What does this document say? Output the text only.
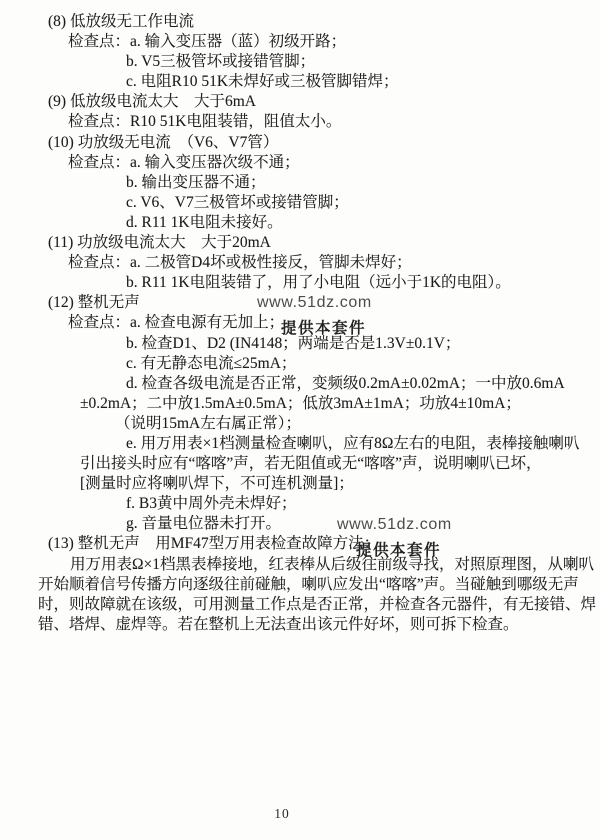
(8) 低放级无工作电流
检查点：a. 输入变压器（蓝）初级开路；
b. V5三极管坏或接错管脚；
c. 电阻R10 51K未焊好或三极管脚错焊；
(9) 低放级电流太大　大于6mA
检查点：R10 51K电阻装错，阻值太小。
(10) 功放级无电流　（V6、V7管）
检查点：a. 输入变压器次级不通；
b. 输出变压器不通；
c. V6、V7三极管坏或接错管脚；
d. R11 1K电阻未接好。
(11) 功放级电流太大　大于20mA
检查点：a. 二极管D4坏或极性接反，管脚未焊好；
b. R11 1K电阻装错了，用了小电阻（远小于1K的电阻）。
(12) 整机无声
检查点：a. 检查电源有无加上；
b. 检查D1、D2 (IN4148；两端是否是1.3V±0.1V；
c. 有无静态电流≤25mA；
d. 检查各级电流是否正常，变频级0.2mA±0.02mA；一中放0.6mA
±0.2mA；二中放1.5mA±0.5mA；低放3mA±1mA；功放4±10mA；
（说明15mA左右属正常）；
e. 用万用表×1档测量检查喇叭，应有8Ω左右的电阻，表棒接触喇叭
引出接头时应有“喀喀”声，若无阻值或无“喀喀”声，说明喇叭已坏，
[测量时应将喇叭焊下，不可连机测量]；
f. B3黄中周外壳未焊好；
g. 音量电位器未打开。
(13) 整机无声　用MF47型万用表检查故障方法：
用万用表Ω×1档黑表棒接地，红表棒从后级往前级寻找，对照原理图，从喇叭
开始顺着信号传播方向逐级往前碰触，喇叭应发出“喀喀”声。当碰触到哪级无声
时，则故障就在该级，可用测量工作点是否正常，并检查各元器件，有无接错、焊
错、塔焊、虚焊等。若在整机上无法查出该元件好坏，则可拆下检查。
www.51dz.com
提供本套件
www.51dz.com
提供本套件
10
